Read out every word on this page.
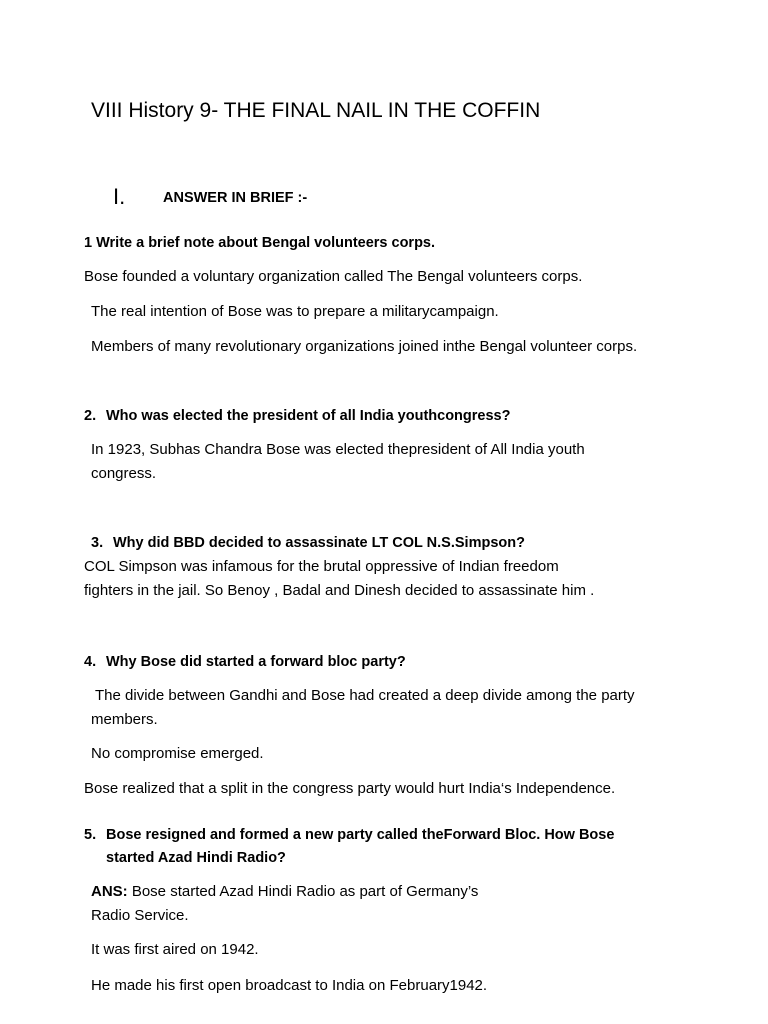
VIII History 9- THE FINAL NAIL IN THE COFFIN
I.	ANSWER IN BRIEF :-
1 Write a brief note about Bengal volunteers corps.
Bose founded a voluntary organization called The Bengal volunteers corps.
The real intention of Bose was to prepare a militarycampaign.
Members of many revolutionary organizations joined inthe Bengal volunteer corps.
2. Who was elected the president of all India youthcongress?
In 1923, Subhas Chandra Bose was elected thepresident of All India youth
congress.
3. Why did BBD decided to assassinate LT COL N.S.Simpson?
COL Simpson was infamous for the brutal oppressive of Indian freedom
fighters in the jail. So Benoy , Badal and Dinesh decided to assassinate him .
4. Why Bose did started a forward bloc party?
The divide between Gandhi and Bose had created a deep divide among the party
members.
No compromise emerged.
Bose realized that a split in the congress party would hurt India‘s Independence.
5. Bose resigned and formed a new party called theForward Bloc. How Bose
started Azad Hindi Radio?
ANS: Bose started Azad Hindi Radio as part of Germany’s
Radio Service.
It was first aired on 1942.
He made his first open broadcast to India on February1942.
